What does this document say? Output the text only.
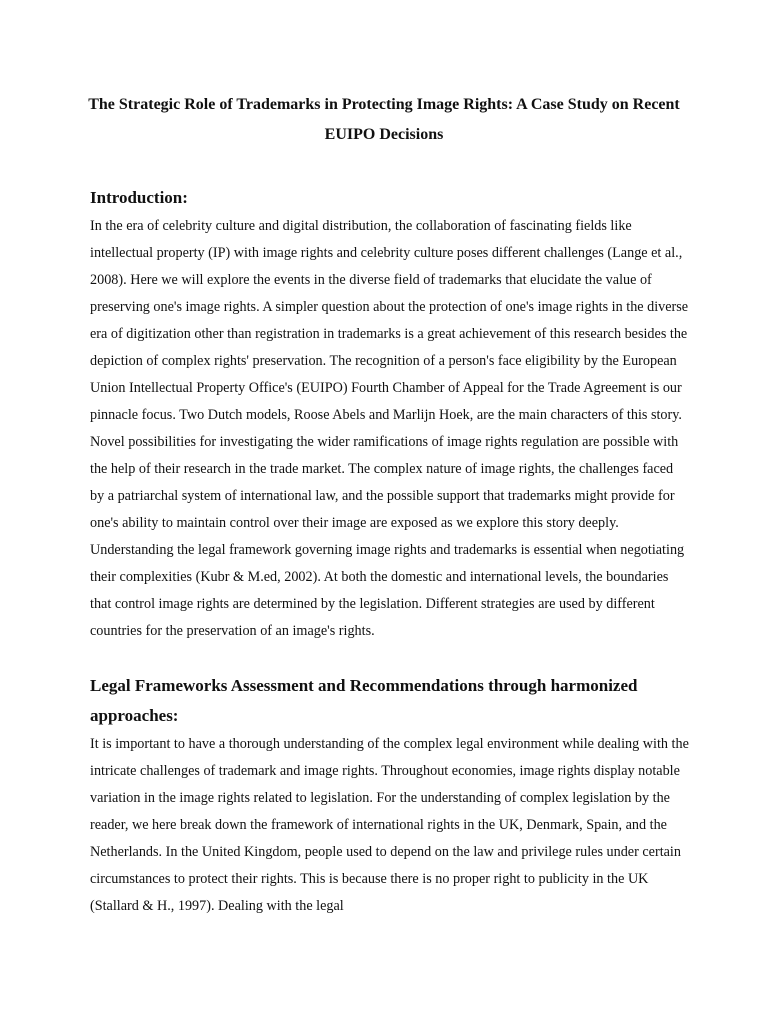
The Strategic Role of Trademarks in Protecting Image Rights: A Case Study on Recent EUIPO Decisions
Introduction:

In the era of celebrity culture and digital distribution, the collaboration of fascinating fields like intellectual property (IP) with image rights and celebrity culture poses different challenges (Lange et al., 2008). Here we will explore the events in the diverse field of trademarks that elucidate the value of preserving one's image rights. A simpler question about the protection of one's image rights in the diverse era of digitization other than registration in trademarks is a great achievement of this research besides the depiction of complex rights' preservation. The recognition of a person's face eligibility by the European Union Intellectual Property Office's (EUIPO) Fourth Chamber of Appeal for the Trade Agreement is our pinnacle focus. Two Dutch models, Roose Abels and Marlijn Hoek, are the main characters of this story. Novel possibilities for investigating the wider ramifications of image rights regulation are possible with the help of their research in the trade market. The complex nature of image rights, the challenges faced by a patriarchal system of international law, and the possible support that trademarks might provide for one's ability to maintain control over their image are exposed as we explore this story deeply. Understanding the legal framework governing image rights and trademarks is essential when negotiating their complexities (Kubr & M.ed, 2002). At both the domestic and international levels, the boundaries that control image rights are determined by the legislation. Different strategies are used by different countries for the preservation of an image's rights.

Legal Frameworks Assessment and Recommendations through harmonized approaches:

It is important to have a thorough understanding of the complex legal environment while dealing with the intricate challenges of trademark and image rights. Throughout economies, image rights display notable variation in the image rights related to legislation. For the understanding of complex legislation by the reader, we here break down the framework of international rights in the UK, Denmark, Spain, and the Netherlands. In the United Kingdom, people used to depend on the law and privilege rules under certain circumstances to protect their rights. This is because there is no proper right to publicity in the UK (Stallard & H., 1997). Dealing with the legal
